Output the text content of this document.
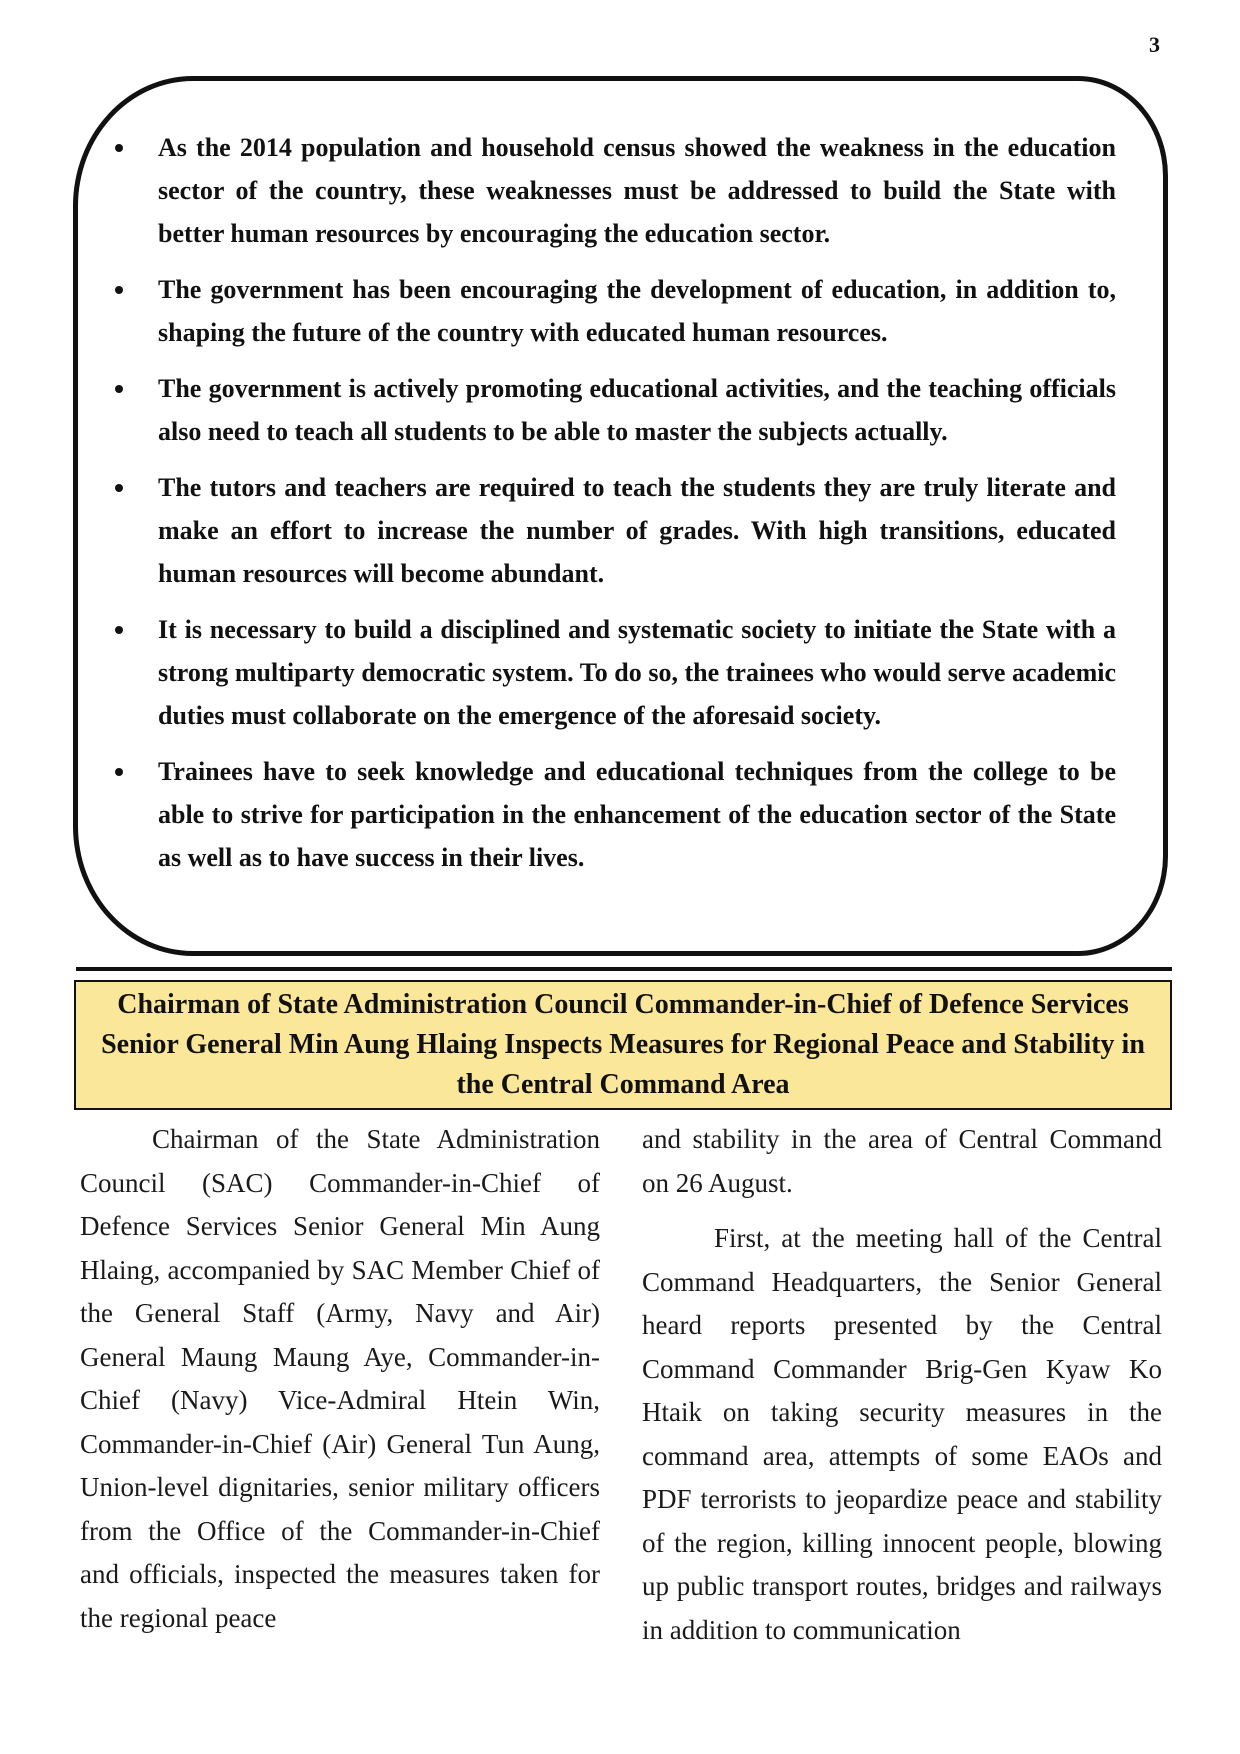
3
As the 2014 population and household census showed the weakness in the education sector of the country, these weaknesses must be addressed to build the State with better human resources by encouraging the education sector.
The government has been encouraging the development of education, in addition to, shaping the future of the country with educated human resources.
The government is actively promoting educational activities, and the teaching officials also need to teach all students to be able to master the subjects actually.
The tutors and teachers are required to teach the students they are truly literate and make an effort to increase the number of grades. With high transitions, educated human resources will become abundant.
It is necessary to build a disciplined and systematic society to initiate the State with a strong multiparty democratic system. To do so, the trainees who would serve academic duties must collaborate on the emergence of the aforesaid society.
Trainees have to seek knowledge and educational techniques from the college to be able to strive for participation in the enhancement of the education sector of the State as well as to have success in their lives.
Chairman of State Administration Council Commander-in-Chief of Defence Services Senior General Min Aung Hlaing Inspects Measures for Regional Peace and Stability in the Central Command Area

Chairman of the State Administration Council (SAC) Commander-in-Chief of Defence Services Senior General Min Aung Hlaing, accompanied by SAC Member Chief of the General Staff (Army, Navy and Air) General Maung Maung Aye, Commander-in-Chief (Navy) Vice-Admiral Htein Win, Commander-in-Chief (Air) General Tun Aung, Union-level dignitaries, senior military officers from the Office of the Commander-in-Chief and officials, inspected the measures taken for the regional peace

and stability in the area of Central Command on 26 August.

First, at the meeting hall of the Central Command Headquarters, the Senior General heard reports presented by the Central Command Commander Brig-Gen Kyaw Ko Htaik on taking security measures in the command area, attempts of some EAOs and PDF terrorists to jeopardize peace and stability of the region, killing innocent people, blowing up public transport routes, bridges and railways in addition to communication
